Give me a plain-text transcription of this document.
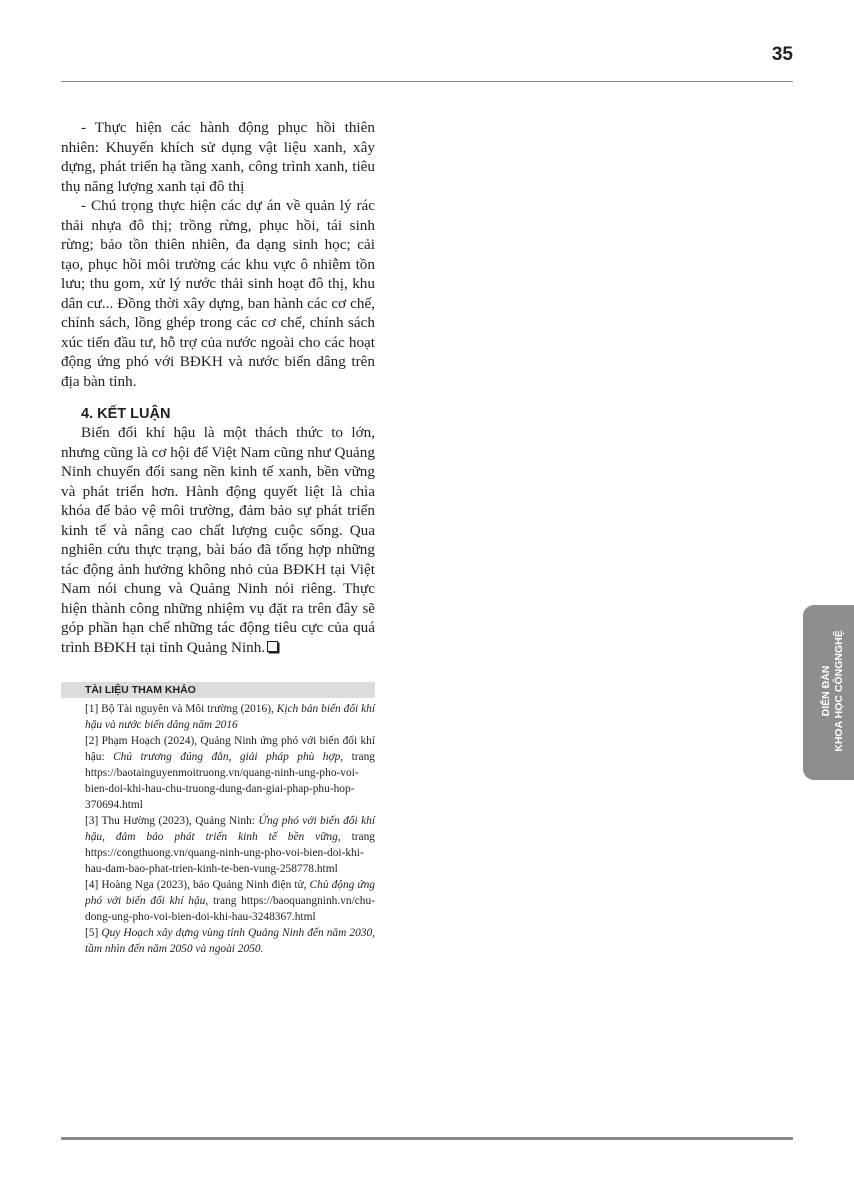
35

- Thực hiện các hành động phục hồi thiên nhiên: Khuyến khích sử dụng vật liệu xanh, xây dựng, phát triển hạ tầng xanh, công trình xanh, tiêu thụ năng lượng xanh tại đô thị

- Chú trọng thực hiện các dự án về quản lý rác thải nhựa đô thị; trồng rừng, phục hồi, tái sinh rừng; bảo tồn thiên nhiên, đa dạng sinh học; cải tạo, phục hồi môi trường các khu vực ô nhiễm tồn lưu; thu gom, xử lý nước thải sinh hoạt đô thị, khu dân cư... Đồng thời xây dựng, ban hành các cơ chế, chính sách, lồng ghép trong các cơ chế, chính sách xúc tiến đầu tư, hỗ trợ của nước ngoài cho các hoạt động ứng phó với BĐKH và nước biển dâng trên địa bàn tỉnh.

4. KẾT LUẬN

Biến đổi khí hậu là một thách thức to lớn, nhưng cũng là cơ hội để Việt Nam cũng như Quảng Ninh chuyển đổi sang nền kinh tế xanh, bền vững và phát triển hơn. Hành động quyết liệt là chìa khóa để bảo vệ môi trường, đảm bảo sự phát triển kinh tế và nâng cao chất lượng cuộc sống. Qua nghiên cứu thực trạng, bài báo đã tổng hợp những tác động ảnh hưởng không nhỏ của BĐKH tại Việt Nam nói chung và Quảng Ninh nói riêng. Thực hiện thành công những nhiệm vụ đặt ra trên đây sẽ góp phần hạn chế những tác động tiêu cực của quá trình BĐKH tại tỉnh Quảng Ninh.

TÀI LIỆU THAM KHẢO

[1] Bộ Tài nguyên và Môi trường (2016), Kịch bản biến đổi khí hậu và nước biển dâng năm 2016

[2] Phạm Hoạch (2024), Quảng Ninh ứng phó với biến đổi khí hậu: Chủ trương đúng đắn, giải pháp phù hợp, trang https://baotainguyenmoitruong.vn/quang-ninh-ung-pho-voi-bien-doi-khi-hau-chu-truong-dung-dan-giai-phap-phu-hop-370694.html

[3] Thu Hường (2023), Quảng Ninh: Ứng phó với biến đổi khí hậu, đảm bảo phát triển kinh tế bền vững, trang https://congthuong.vn/quang-ninh-ung-pho-voi-bien-doi-khi-hau-dam-bao-phat-trien-kinh-te-ben-vung-258778.html

[4] Hoàng Nga (2023), báo Quảng Ninh điện tử, Chủ động ứng phó với biến đổi khí hậu, trang https://baoquangninh.vn/chu-dong-ung-pho-voi-bien-doi-khi-hau-3248367.html

[5] Quy Hoạch xây dựng vùng tỉnh Quảng Ninh đến năm 2030, tầm nhìn đến năm 2050 và ngoài 2050.

DIỄN ĐÀN KHOA HỌC CÔNGNGHỆ
